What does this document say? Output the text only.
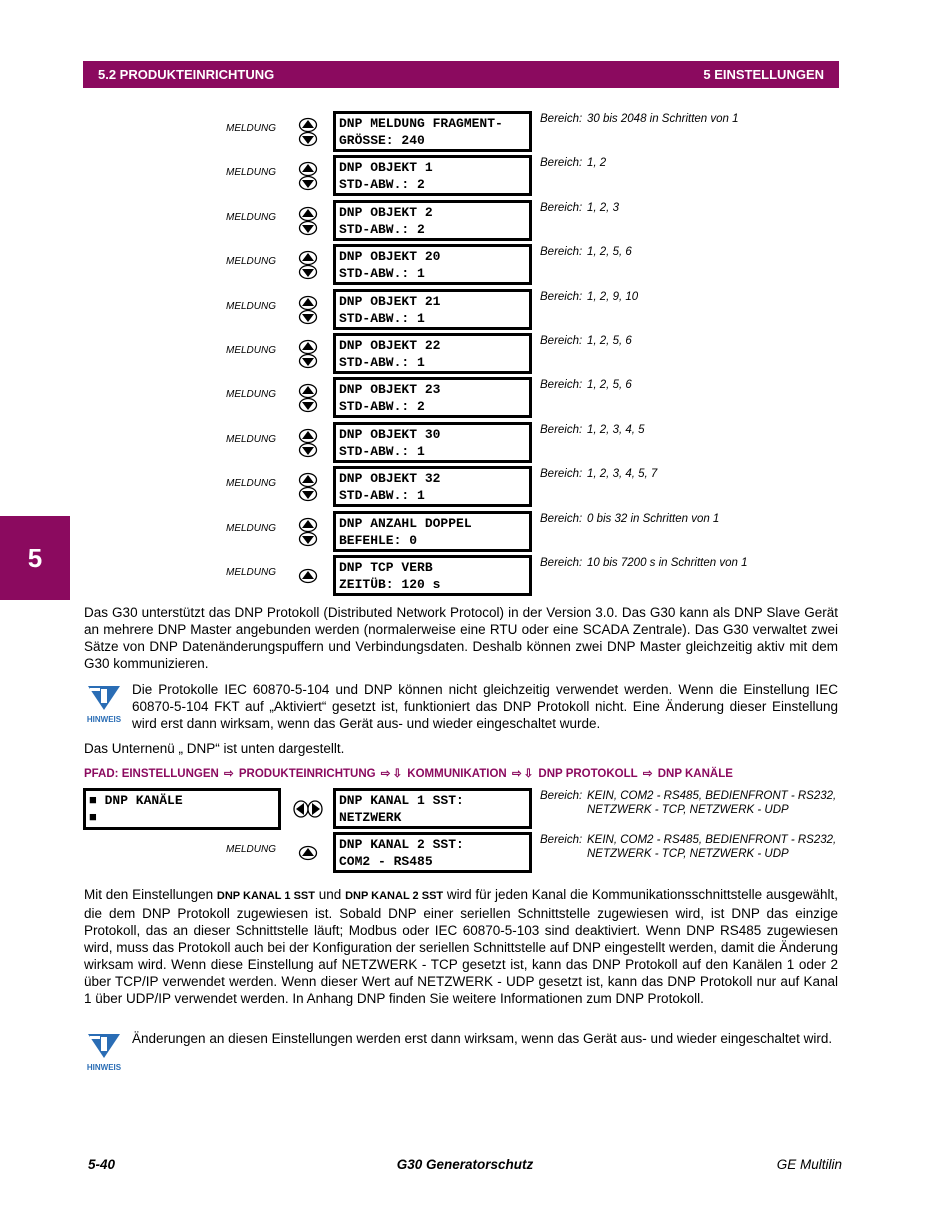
5.2 PRODUKTEINRICHTUNG	5 EINSTELLUNGEN
5
MELDUNG	DNP MELDUNG FRAGMENT-
GRÖSSE: 240
Bereich: 30 bis 2048 in Schritten von 1
MELDUNG	DNP OBJEKT 1
STD-ABW.: 2
Bereich: 1, 2
MELDUNG	DNP OBJEKT 2
STD-ABW.: 2
Bereich: 1, 2, 3
MELDUNG	DNP OBJEKT 20
STD-ABW.: 1
Bereich: 1, 2, 5, 6
MELDUNG	DNP OBJEKT 21
STD-ABW.: 1
Bereich: 1, 2, 9, 10
MELDUNG	DNP OBJEKT 22
STD-ABW.: 1
Bereich: 1, 2, 5, 6
MELDUNG	DNP OBJEKT 23
STD-ABW.: 2
Bereich: 1, 2, 5, 6
MELDUNG	DNP OBJEKT 30
STD-ABW.: 1
Bereich: 1, 2, 3, 4, 5
MELDUNG	DNP OBJEKT 32
STD-ABW.: 1
Bereich: 1, 2, 3, 4, 5, 7
MELDUNG	DNP ANZAHL DOPPEL
BEFEHLE: 0
Bereich: 0 bis 32 in Schritten von 1
MELDUNG	DNP TCP VERB
ZEITÜB: 120 s
Bereich: 10 bis 7200 s in Schritten von 1
Das G30 unterstützt das DNP Protokoll (Distributed Network Protocol) in der Version 3.0. Das G30 kann als DNP Slave Gerät an mehrere DNP Master angebunden werden (normalerweise eine RTU oder eine SCADA Zentrale). Das G30 verwaltet zwei Sätze von DNP Datenänderungspuffern und Verbindungsdaten. Deshalb können zwei DNP Master gleichzeitig aktiv mit dem G30 kommunizieren.
HINWEIS
Die Protokolle IEC 60870-5-104 und DNP können nicht gleichzeitig verwendet werden. Wenn die Einstellung IEC 60870-5-104 FKT auf „Aktiviert“ gesetzt ist, funktioniert das DNP Protokoll nicht. Eine Änderung dieser Einstellung wird erst dann wirksam, wenn das Gerät aus- und wieder eingeschaltet wurde.
Das Unternenü „ DNP“ ist unten dargestellt.
PFAD: EINSTELLUNGEN ⇨ PRODUKTEINRICHTUNG ⇨ ⇩ KOMMUNIKATION ⇨ ⇩ DNP PROTOKOLL ⇨ DNP KANÄLE
■ DNP KANÄLE
■
DNP KANAL 1 SST:
NETZWERK
Bereich: KEIN, COM2 - RS485, BEDIENFRONT - RS232,
NETZWERK - TCP, NETZWERK - UDP
MELDUNG	DNP KANAL 2 SST:
COM2 - RS485
Bereich: KEIN, COM2 - RS485, BEDIENFRONT - RS232,
NETZWERK - TCP, NETZWERK - UDP
Mit den Einstellungen DNP KANAL 1 SST und DNP KANAL 2 SST wird für jeden Kanal die Kommunikationsschnittstelle ausgewählt, die dem DNP Protokoll zugewiesen ist. Sobald DNP einer seriellen Schnittstelle zugewiesen wird, ist DNP das einzige Protokoll, das an dieser Schnittstelle läuft; Modbus oder IEC 60870-5-103 sind deaktiviert. Wenn DNP RS485 zugewiesen wird, muss das Protokoll auch bei der Konfiguration der seriellen Schnittstelle auf DNP eingestellt werden, damit die Änderung wirksam wird. Wenn diese Einstellung auf NETZWERK - TCP gesetzt ist, kann das DNP Protokoll auf den Kanälen 1 oder 2 über TCP/IP verwendet werden. Wenn dieser Wert auf NETZWERK - UDP gesetzt ist, kann das DNP Protokoll nur auf Kanal 1 über UDP/IP verwendet werden. In Anhang DNP finden Sie weitere Informationen zum DNP Protokoll.
HINWEIS
Änderungen an diesen Einstellungen werden erst dann wirksam, wenn das Gerät aus- und wieder eingeschaltet wird.
5-40	G30 Generatorschutz	GE Multilin
